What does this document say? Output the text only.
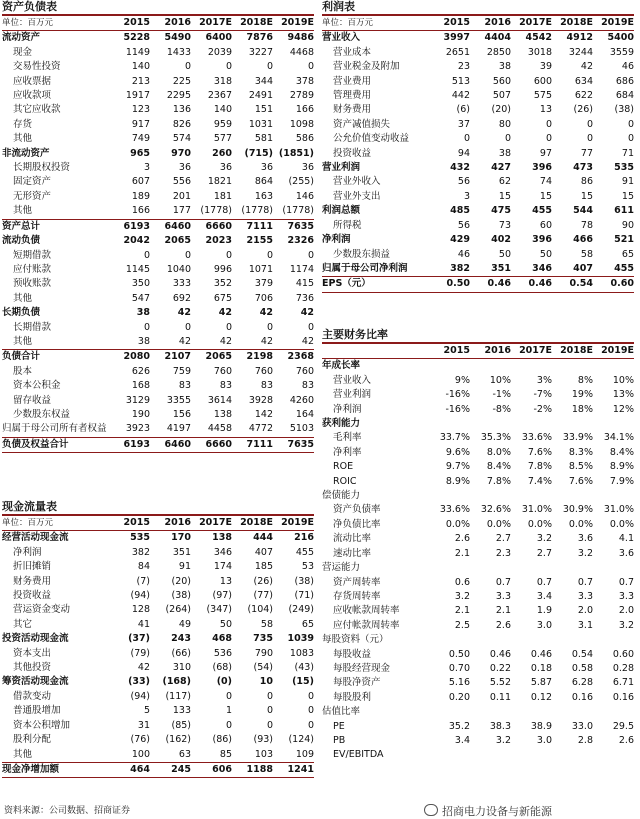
资产负债表
单位：百万元	2015	2016	2017E	2018E	2019E
流动资产	5228	5490	6400	7876	9486
现金	1149	1433	2039	3227	4468
交易性投资	140	0	0	0	0
应收票据	213	225	318	344	378
应收款项	1917	2295	2367	2491	2789
其它应收款	123	136	140	151	166
存货	917	826	959	1031	1098
其他	749	574	577	581	586
非流动资产	965	970	260	(715)	(1851)
长期股权投资	3	36	36	36	36
固定资产	607	556	1821	864	(255)
无形资产	189	201	181	163	146
其他	166	177	(1778)	(1778)	(1778)
资产总计	6193	6460	6660	7111	7635
流动负债	2042	2065	2023	2155	2326
短期借款	0	0	0	0	0
应付账款	1145	1040	996	1071	1174
预收账款	350	333	352	379	415
其他	547	692	675	706	736
长期负债	38	42	42	42	42
长期借款	0	0	0	0	0
其他	38	42	42	42	42
负债合计	2080	2107	2065	2198	2368
股本	626	759	760	760	760
资本公积金	168	83	83	83	83
留存收益	3129	3355	3614	3928	4260
少数股东权益	190	156	138	142	164
归属于母公司所有者权益	3923	4197	4458	4772	5103
负债及权益合计	6193	6460	6660	7111	7635
现金流量表
单位：百万元	2015	2016	2017E	2018E	2019E
经营活动现金流	535	170	138	444	216
净利润	382	351	346	407	455
折旧摊销	84	91	174	185	53
财务费用	(7)	(20)	13	(26)	(38)
投资收益	(94)	(38)	(97)	(77)	(71)
营运资金变动	128	(264)	(347)	(104)	(249)
其它	41	49	50	58	65
投资活动现金流	(37)	243	468	735	1039
资本支出	(79)	(66)	536	790	1083
其他投资	42	310	(68)	(54)	(43)
筹资活动现金流	(33)	(168)	(0)	10	(15)
借款变动	(94)	(117)	0	0	0
普通股增加	5	133	1	0	0
资本公积增加	31	(85)	0	0	0
股利分配	(76)	(162)	(86)	(93)	(124)
其他	100	63	85	103	109
现金净增加额	464	245	606	1188	1241
利润表
单位：百万元	2015	2016	2017E	2018E	2019E
营业收入	3997	4404	4542	4912	5400
营业成本	2651	2850	3018	3244	3559
营业税金及附加	23	38	39	42	46
营业费用	513	560	600	634	686
管理费用	442	507	575	622	684
财务费用	(6)	(20)	13	(26)	(38)
资产减值损失	37	80	0	0	0
公允价值变动收益	0	0	0	0	0
投资收益	94	38	97	77	71
营业利润	432	427	396	473	535
营业外收入	56	62	74	86	91
营业外支出	3	15	15	15	15
利润总额	485	475	455	544	611
所得税	56	73	60	78	90
净利润	429	402	396	466	521
少数股东损益	46	50	50	58	65
归属于母公司净利润	382	351	346	407	455
EPS（元）	0.50	0.46	0.46	0.54	0.60
主要财务比率
	2015	2016	2017E	2018E	2019E
年成长率					
营业收入	9%	10%	3%	8%	10%
营业利润	-16%	-1%	-7%	19%	13%
净利润	-16%	-8%	-2%	18%	12%
获利能力					
毛利率	33.7%	35.3%	33.6%	33.9%	34.1%
净利率	9.6%	8.0%	7.6%	8.3%	8.4%
ROE	9.7%	8.4%	7.8%	8.5%	8.9%
ROIC	8.9%	7.8%	7.4%	7.6%	7.9%
偿债能力					
资产负债率	33.6%	32.6%	31.0%	30.9%	31.0%
净负债比率	0.0%	0.0%	0.0%	0.0%	0.0%
流动比率	2.6	2.7	3.2	3.6	4.1
速动比率	2.1	2.3	2.7	3.2	3.6
营运能力					
资产周转率	0.6	0.7	0.7	0.7	0.7
存货周转率	3.2	3.3	3.4	3.3	3.3
应收帐款周转率	2.1	2.1	1.9	2.0	2.0
应付帐款周转率	2.5	2.6	3.0	3.1	3.2
每股资料（元）					
每股收益	0.50	0.46	0.46	0.54	0.60
每股经营现金	0.70	0.22	0.18	0.58	0.28
每股净资产	5.16	5.52	5.87	6.28	6.71
每股股利	0.20	0.11	0.12	0.16	0.16
估值比率					
PE	35.2	38.3	38.9	33.0	29.5
PB	3.4	3.2	3.0	2.8	2.6
EV/EBITDA					
资料来源：公司数据、招商证券	招商电力设备与新能源
